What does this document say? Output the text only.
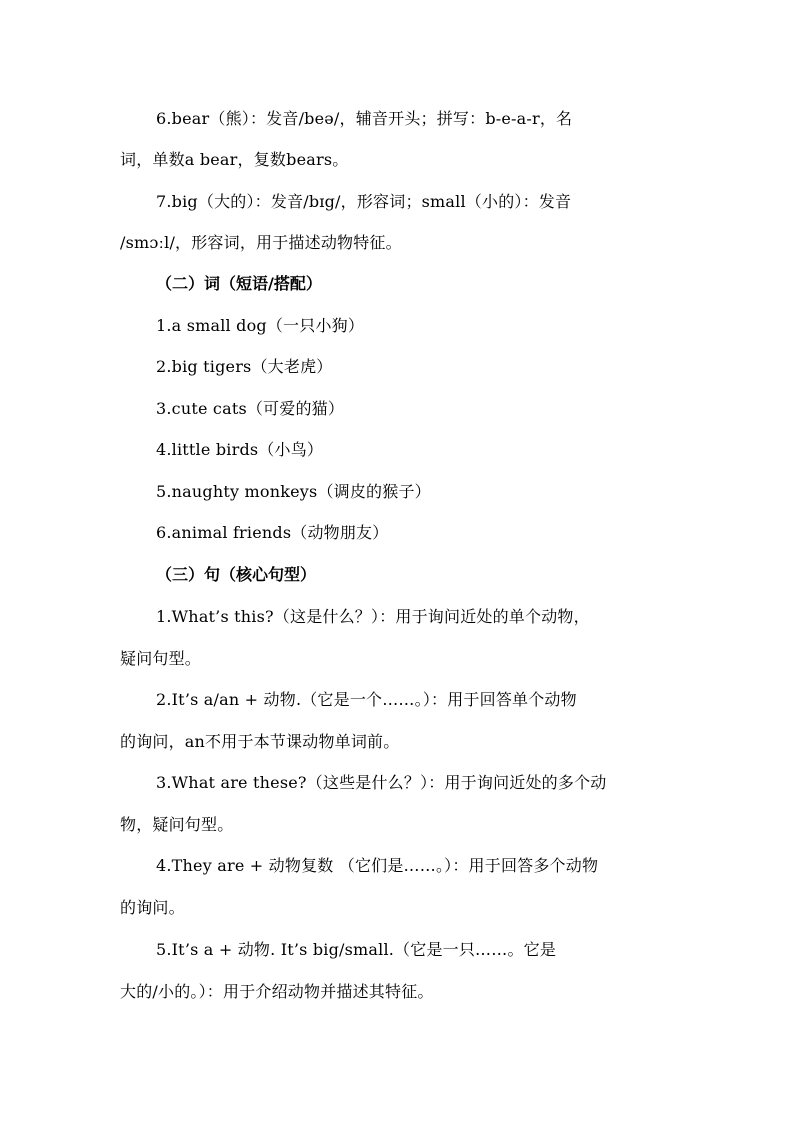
6.bear（熊）：发音/beə/，辅音开头；拼写：b-e-a-r，名
词，单数a bear，复数bears。
7.big（大的）：发音/bɪg/，形容词；small（小的）：发音
/smɔːl/，形容词，用于描述动物特征。
（二）词（短语/搭配）
1.a small dog（一只小狗）
2.big tigers（大老虎）
3.cute cats（可爱的猫）
4.little birds（小鸟）
5.naughty monkeys（调皮的猴子）
6.animal friends（动物朋友）
（三）句（核心句型）
1.What’s this?（这是什么？）：用于询问近处的单个动物，
疑问句型。
2.It’s a/an + 动物.（它是一个……。）：用于回答单个动物
的询问，an不用于本节课动物单词前。
3.What are these?（这些是什么？）：用于询问近处的多个动
物，疑问句型。
4.They are + 动物复数 （它们是……。）：用于回答多个动物
的询问。
5.It’s a + 动物. It’s big/small.（它是一只……。它是
大的/小的。）：用于介绍动物并描述其特征。
